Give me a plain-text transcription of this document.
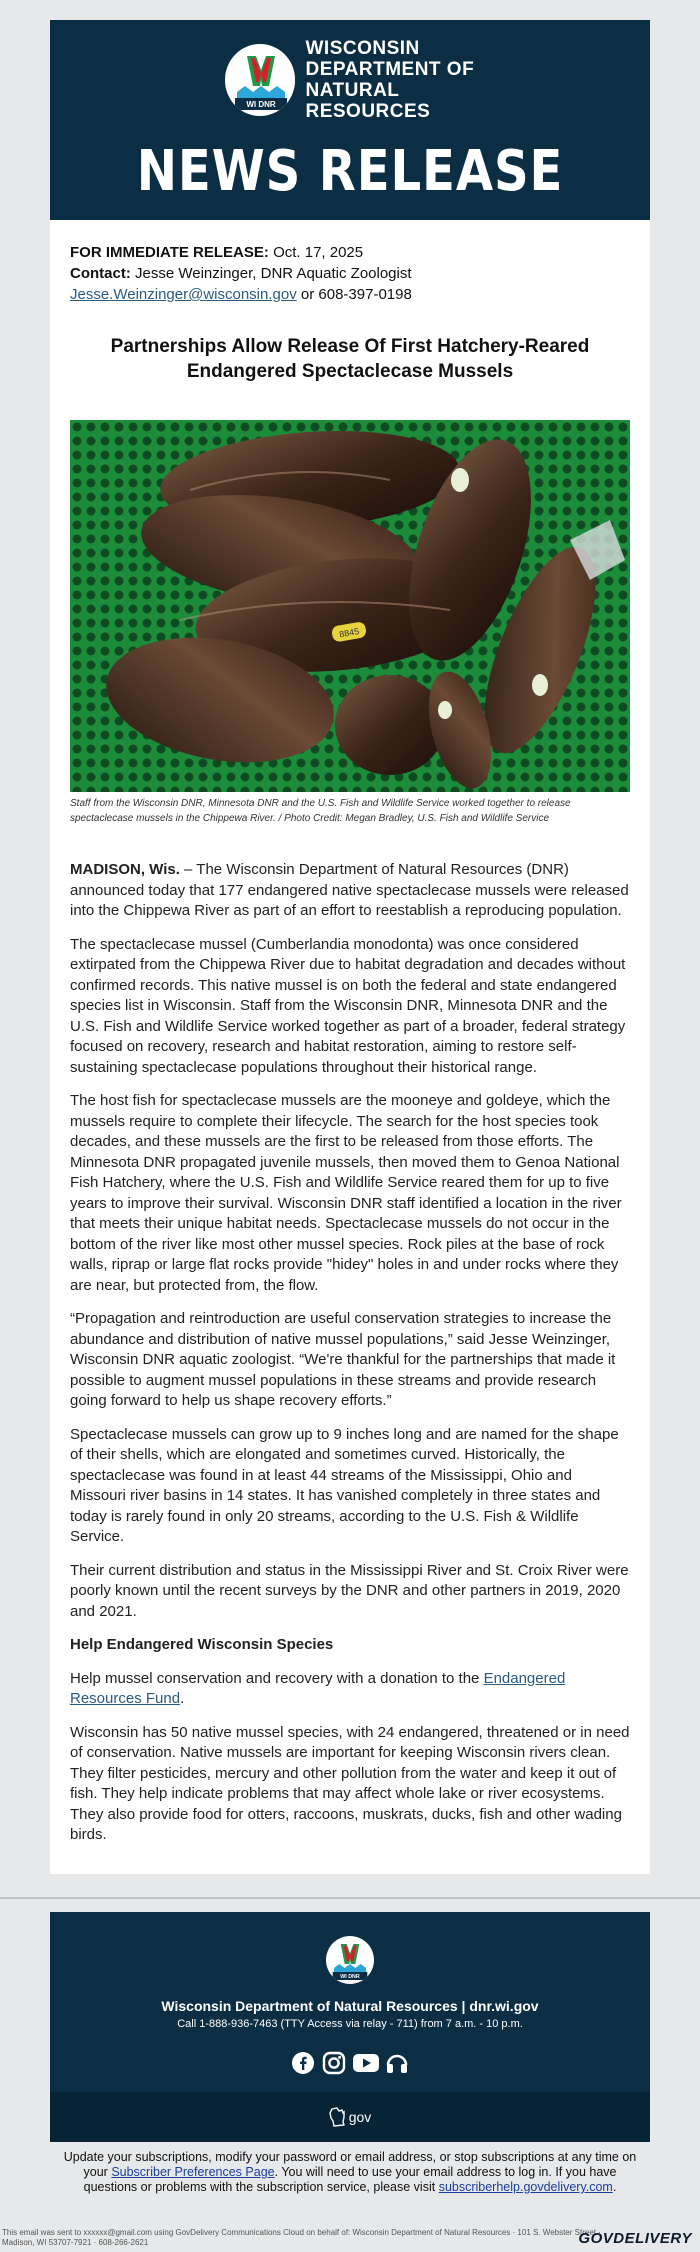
WI DNR
WISCONSIN
DEPARTMENT OF
NATURAL RESOURCES
NEWS RELEASE
FOR IMMEDIATE RELEASE: Oct. 17, 2025
Contact: Jesse Weinzinger, DNR Aquatic Zoologist
Jesse.Weinzinger@wisconsin.gov or 608-397-0198
Partnerships Allow Release Of First Hatchery-Reared Endangered Spectaclecase Mussels
8845
Staff from the Wisconsin DNR, Minnesota DNR and the U.S. Fish and Wildlife Service worked together to release spectaclecase mussels in the Chippewa River. / Photo Credit: Megan Bradley, U.S. Fish and Wildlife Service

MADISON, Wis. – The Wisconsin Department of Natural Resources (DNR) announced today that 177 endangered native spectaclecase mussels were released into the Chippewa River as part of an effort to reestablish a reproducing population.

The spectaclecase mussel (Cumberlandia monodonta) was once considered extirpated from the Chippewa River due to habitat degradation and decades without confirmed records. This native mussel is on both the federal and state endangered species list in Wisconsin. Staff from the Wisconsin DNR, Minnesota DNR and the U.S. Fish and Wildlife Service worked together as part of a broader, federal strategy focused on recovery, research and habitat restoration, aiming to restore self-sustaining spectaclecase populations throughout their historical range.

The host fish for spectaclecase mussels are the mooneye and goldeye, which the mussels require to complete their lifecycle. The search for the host species took decades, and these mussels are the first to be released from those efforts. The Minnesota DNR propagated juvenile mussels, then moved them to Genoa National Fish Hatchery, where the U.S. Fish and Wildlife Service reared them for up to five years to improve their survival. Wisconsin DNR staff identified a location in the river that meets their unique habitat needs. Spectaclecase mussels do not occur in the bottom of the river like most other mussel species. Rock piles at the base of rock walls, riprap or large flat rocks provide "hidey" holes in and under rocks where they are near, but protected from, the flow.

“Propagation and reintroduction are useful conservation strategies to increase the abundance and distribution of native mussel populations,” said Jesse Weinzinger, Wisconsin DNR aquatic zoologist. “We're thankful for the partnerships that made it possible to augment mussel populations in these streams and provide research going forward to help us shape recovery efforts.”

Spectaclecase mussels can grow up to 9 inches long and are named for the shape of their shells, which are elongated and sometimes curved. Historically, the spectaclecase was found in at least 44 streams of the Mississippi, Ohio and Missouri river basins in 14 states. It has vanished completely in three states and today is rarely found in only 20 streams, according to the U.S. Fish & Wildlife Service.

Their current distribution and status in the Mississippi River and St. Croix River were poorly known until the recent surveys by the DNR and other partners in 2019, 2020 and 2021.

Help Endangered Wisconsin Species

Help mussel conservation and recovery with a donation to the Endangered Resources Fund.

Wisconsin has 50 native mussel species, with 24 endangered, threatened or in need of conservation. Native mussels are important for keeping Wisconsin rivers clean. They filter pesticides, mercury and other pollution from the water and keep it out of fish. They help indicate problems that may affect whole lake or river ecosystems. They also provide food for otters, raccoons, muskrats, ducks, fish and other wading birds.

WI DNR
Wisconsin Department of Natural Resources | dnr.wi.gov
Call 1-888-936-7463 (TTY Access via relay - 711) from 7 a.m. - 10 p.m.
gov
Update your subscriptions, modify your password or email address, or stop subscriptions at any time on your Subscriber Preferences Page. You will need to use your email address to log in. If you have questions or problems with the subscription service, please visit subscriberhelp.govdelivery.com.
This email was sent to xxxxxx@gmail.com using GovDelivery Communications Cloud on behalf of: Wisconsin Department of Natural Resources · 101 S. Webster Street · Madison, WI 53707-7921 · 608-266-2621	GOVDELIVERY
